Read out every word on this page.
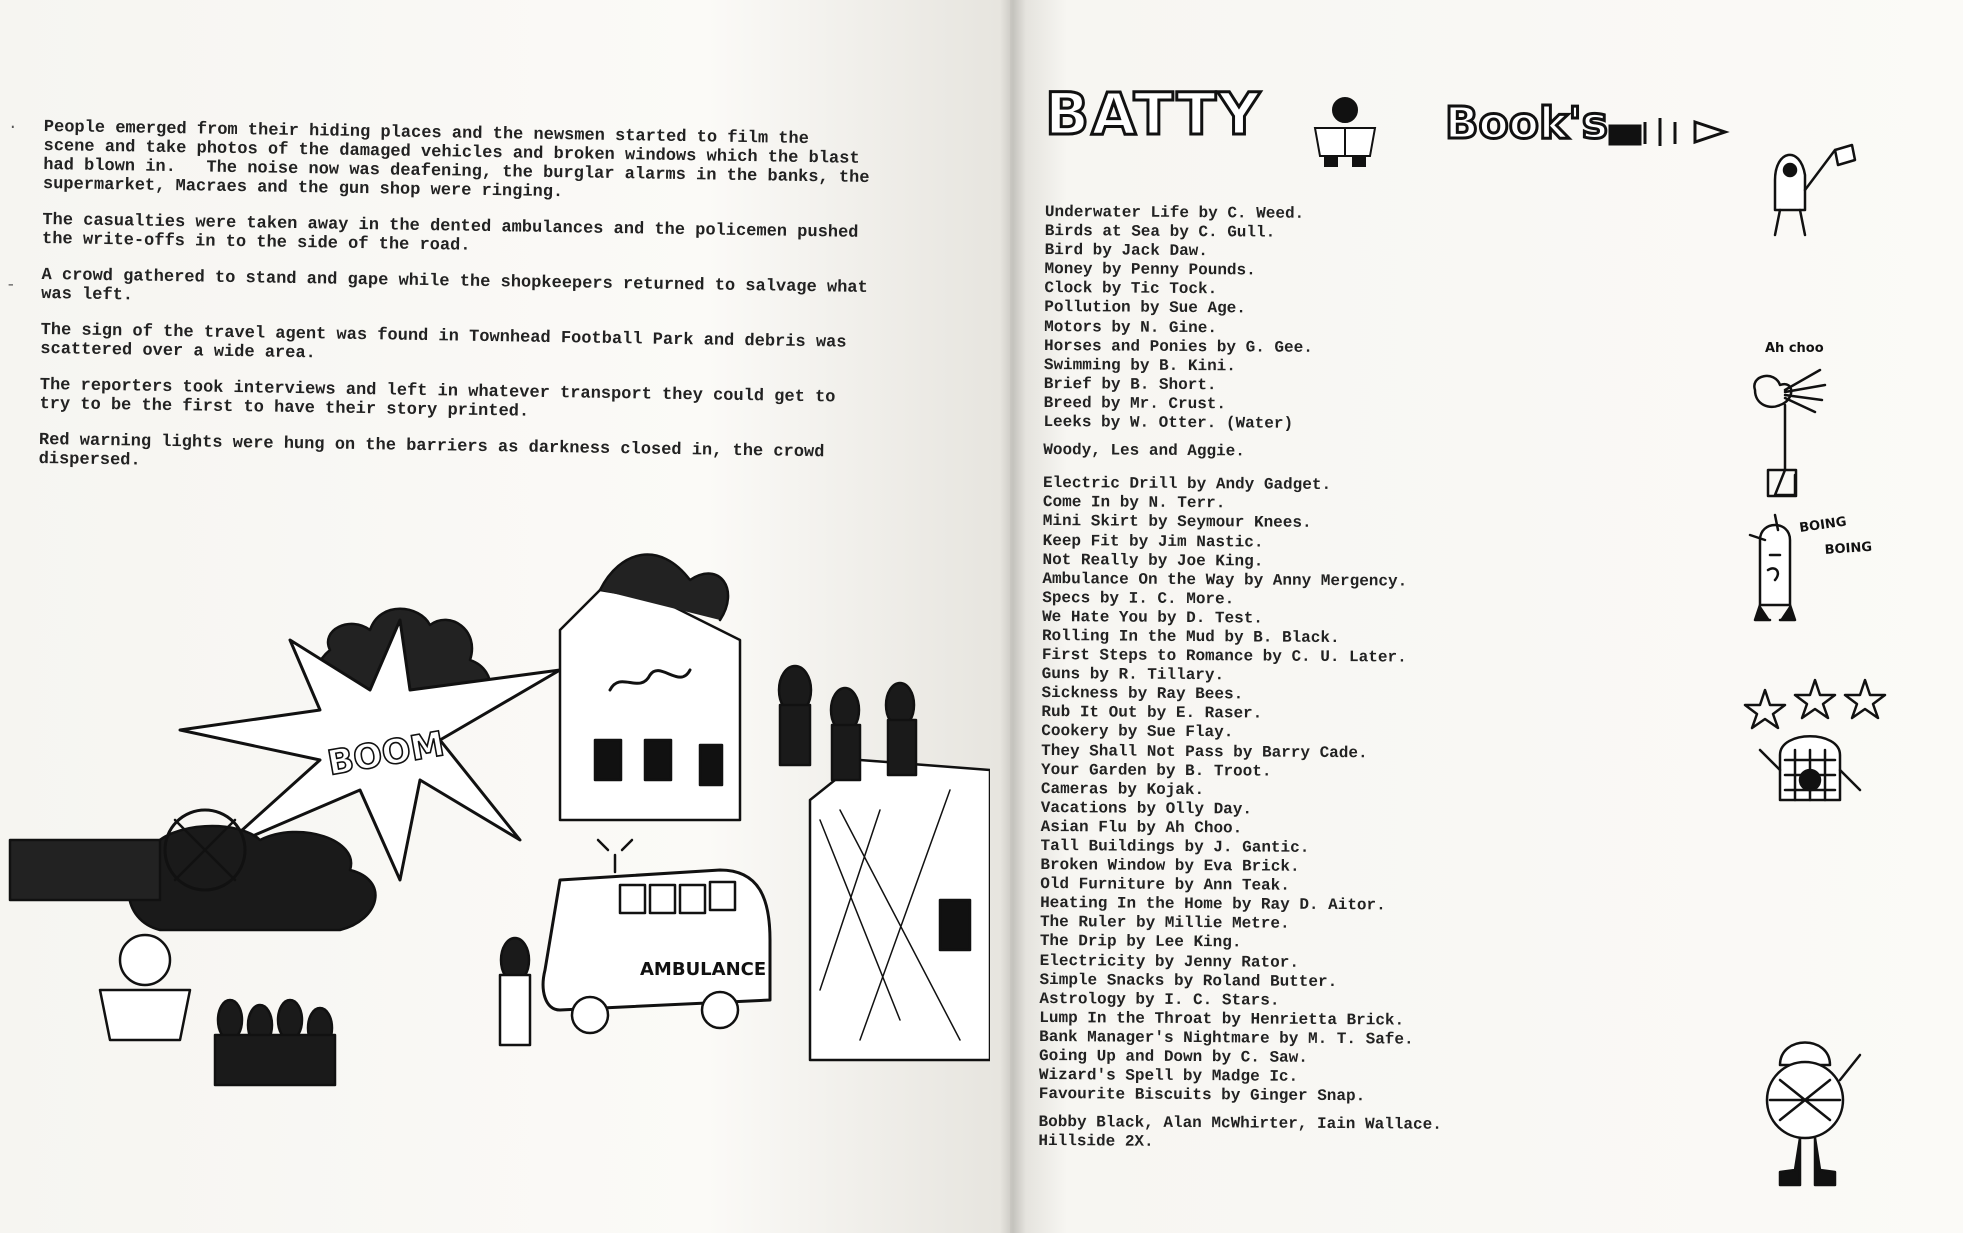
·
-

People emerged from their hiding places and the newsmen started to film the
scene and take photos of the damaged vehicles and broken windows which the blast
had blown in.   The noise now was deafening, the burglar alarms in the banks, the
supermarket, Macraes and the gun shop were ringing.

The casualties were taken away in the dented ambulances and the policemen pushed
the write-offs in to the side of the road.

A crowd gathered to stand and gape while the shopkeepers returned to salvage what
was left.

The sign of the travel agent was found in Townhead Football Park and debris was
scattered over a wide area.

The reporters took interviews and left in whatever transport they could get to
try to be the first to have their story printed.

Red warning lights were hung on the barriers as darkness closed in, the crowd
dispersed.

BOOM
AMBULANCE
BATTY	Book's
Underwater Life by C. Weed.
Birds at Sea by C. Gull.
Bird by Jack Daw.
Money by Penny Pounds.
Clock by Tic Tock.
Pollution by Sue Age.
Motors by N. Gine.
Horses and Ponies by G. Gee.
Swimming by B. Kini.
Brief by B. Short.
Breed by Mr. Crust.
Leeks by W. Otter. (Water)
Woody, Les and Aggie.
Electric Drill by Andy Gadget.
Come In by N. Terr.
Mini Skirt by Seymour Knees.
Keep Fit by Jim Nastic.
Not Really by Joe King.
Ambulance On the Way by Anny Mergency.
Specs by I. C. More.
We Hate You by D. Test.
Rolling In the Mud by B. Black.
First Steps to Romance by C. U. Later.
Guns by R. Tillary.
Sickness by Ray Bees.
Rub It Out by E. Raser.
Cookery by Sue Flay.
They Shall Not Pass by Barry Cade.
Your Garden by B. Troot.
Cameras by Kojak.
Vacations by Olly Day.
Asian Flu by Ah Choo.
Tall Buildings by J. Gantic.
Broken Window by Eva Brick.
Old Furniture by Ann Teak.
Heating In the Home by Ray D. Aitor.
The Ruler by Millie Metre.
The Drip by Lee King.
Electricity by Jenny Rator.
Simple Snacks by Roland Butter.
Astrology by I. C. Stars.
Lump In the Throat by Henrietta Brick.
Bank Manager's Nightmare by M. T. Safe.
Going Up and Down by C. Saw.
Wizard's Spell by Madge Ic.
Favourite Biscuits by Ginger Snap.
Bobby Black, Alan McWhirter, Iain Wallace.
Hillside 2X.
Ah choo
BOING
BOING
